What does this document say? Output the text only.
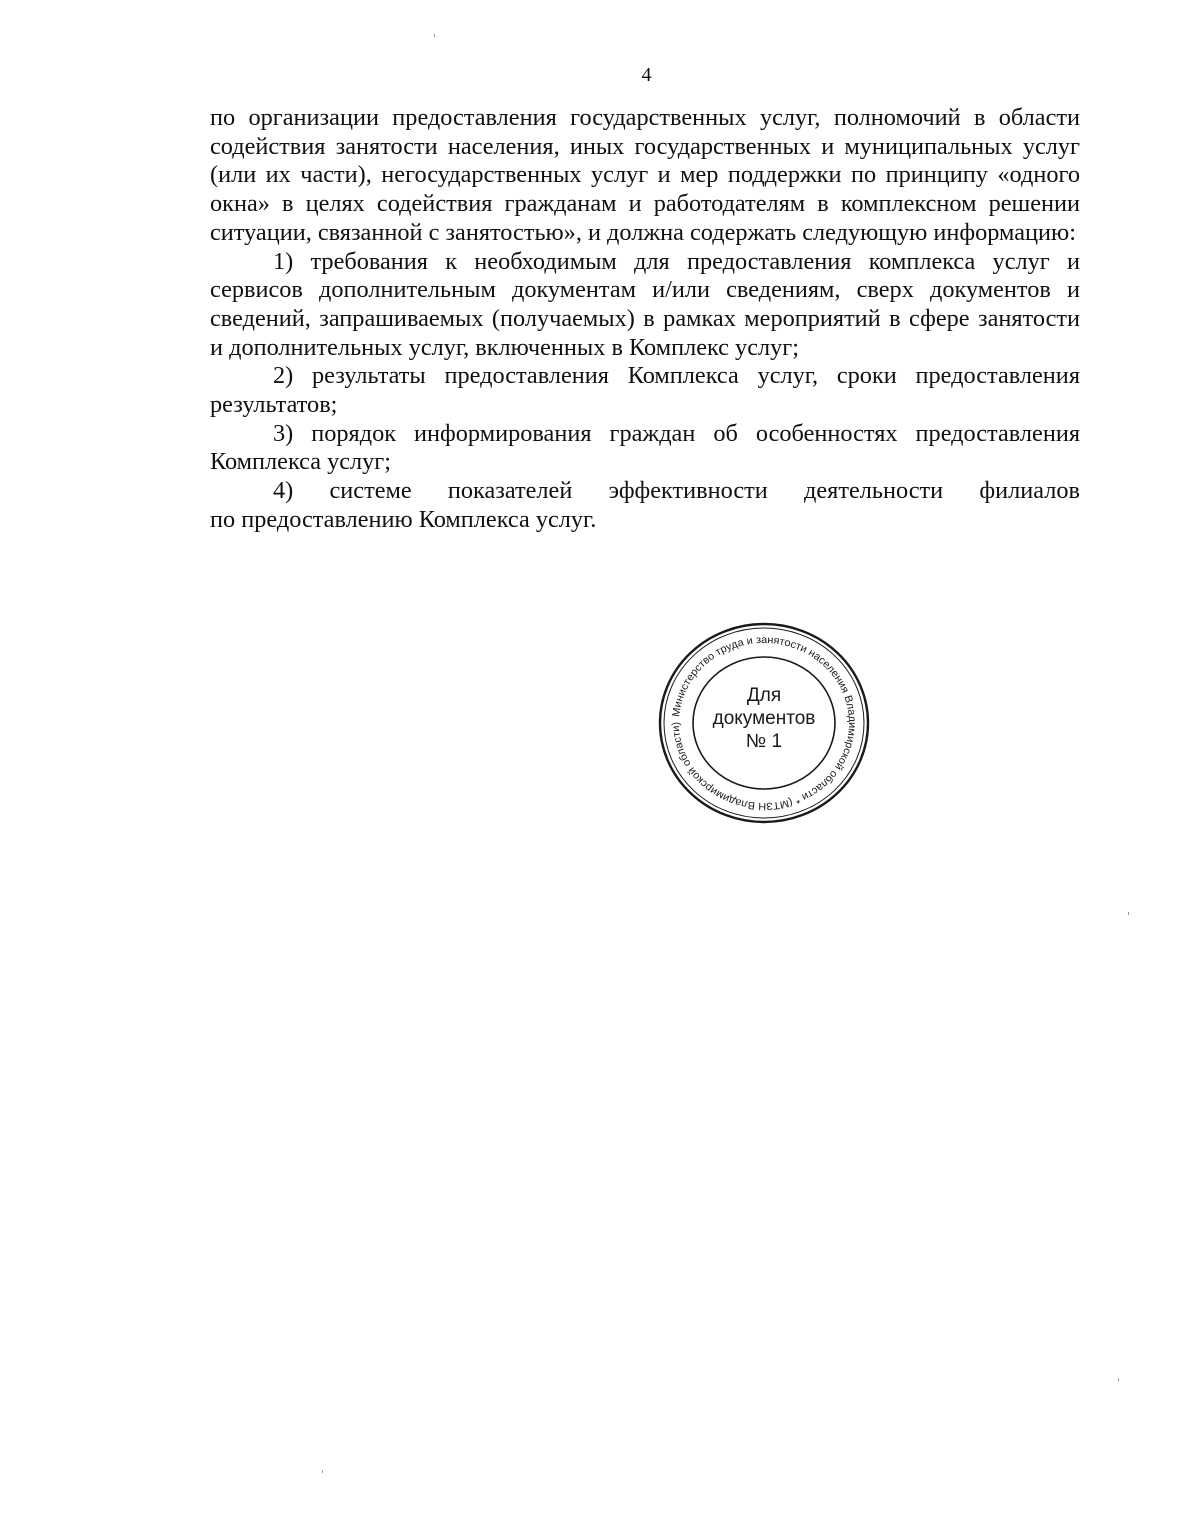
4

по организации предоставления государственных услуг, полномочий в области содействия занятости населения, иных государственных и муниципальных услуг (или их части), негосударственных услуг и мер поддержки по принципу «одного окна» в целях содействия гражданам и работодателям в комплексном решении ситуации, связанной с занятостью», и должна содержать следующую информацию:

1) требования к необходимым для предоставления комплекса услуг и сервисов дополнительным документам и/или сведениям, сверх документов и сведений, запрашиваемых (получаемых) в рамках мероприятий в сфере занятости и дополнительных услуг, включенных в Комплекс услуг;

2) результаты предоставления Комплекса услуг, сроки предоставления результатов;

3) порядок информирования граждан об особенностях предоставления Комплекса услуг;

4) системе показателей эффективности деятельности филиалов

по предоставлению Комплекса услуг.

Министерство труда и занятости населения Владимирской области * (МТЗН Владимирской области)
Для
документов
№ 1
